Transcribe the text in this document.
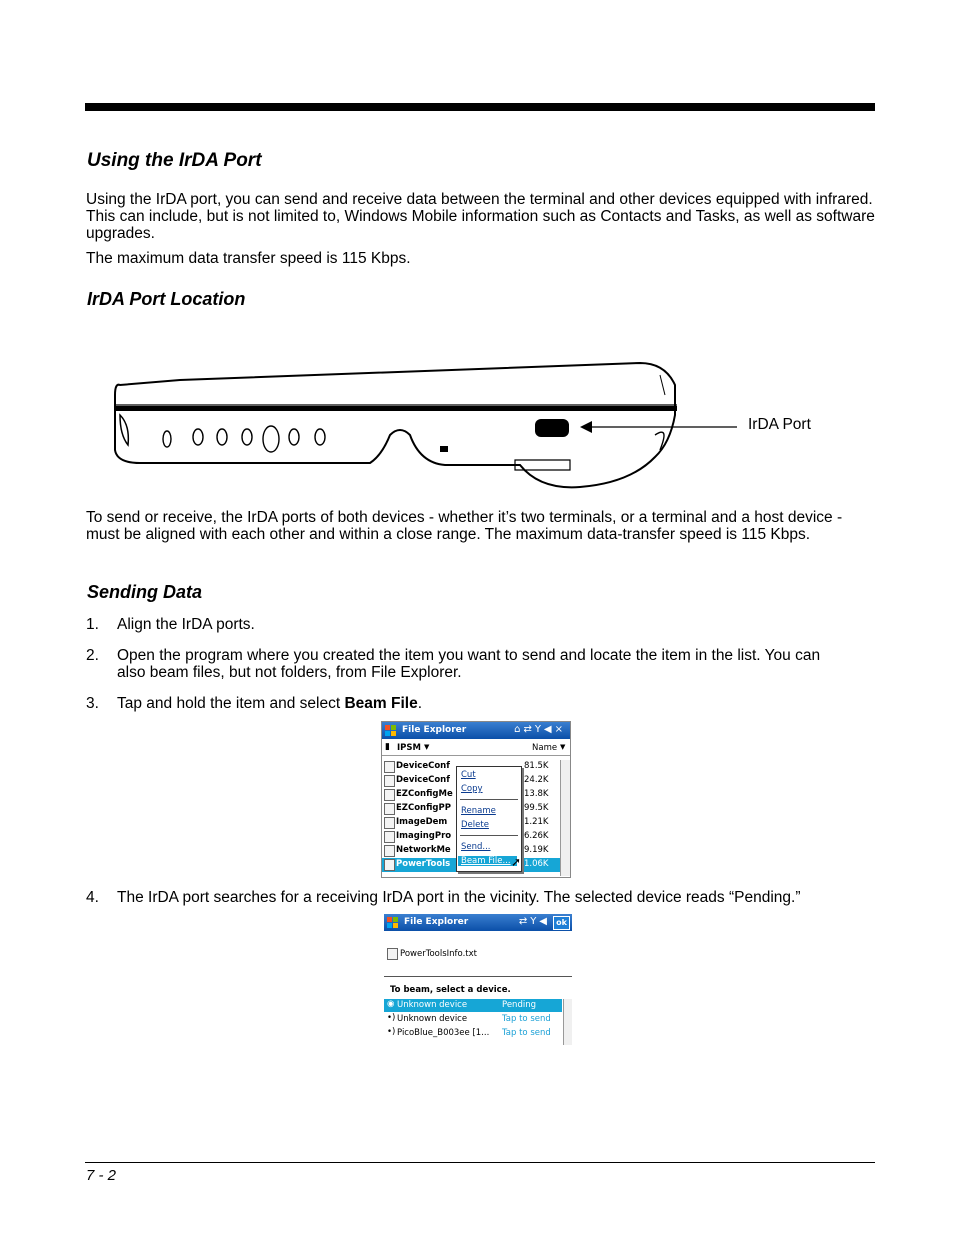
Using the IrDA Port

Using the IrDA port, you can send and receive data between the terminal and other devices equipped with infrared. This can include, but is not limited to, Windows Mobile information such as Contacts and Tasks, as well as software upgrades.

The maximum data transfer speed is 115 Kbps.

IrDA Port Location
IrDA Port

To send or receive, the IrDA ports of both devices - whether it’s two terminals, or a terminal and a host device - must be aligned with each other and within a close range. The maximum data-transfer speed is 115 Kbps.

Sending Data
1. Align the IrDA ports.
2. Open the program where you created the item you want to send and locate the item in the list. You can also beam files, but not folders, from File Explorer.
3. Tap and hold the item and select Beam File.
File Explorer	⌂⇄Y◀×
▮ IPSM ▼	Name ▼
DeviceConf	81.5K
DeviceConf	24.2K
EZConfigMe	13.8K
EZConfigPP	99.5K
ImageDem	1.21K
ImagingPro	6.26K
NetworkMe	9.19K
PowerTools	1.06K
Cut
Copy
Rename
Delete
Send...
Beam File... ➚
4. The IrDA port searches for a receiving IrDA port in the vicinity. The selected device reads “Pending.”
File Explorer	⇄Y◀ ok
PowerToolsInfo.txt
To beam, select a device.
◉ Unknown device	Pending
•) Unknown device	Tap to send
•) PicoBlue_B003ee [1... Tap to send
7 - 2
